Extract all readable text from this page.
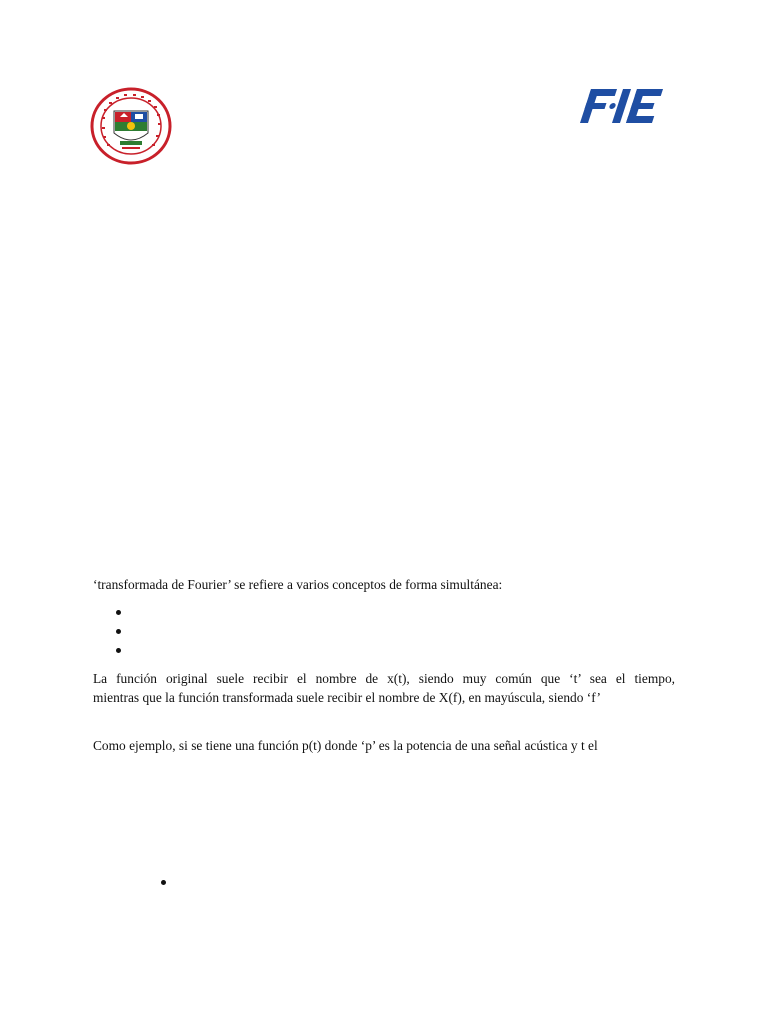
‘transformada de Fourier’ se refiere a varios conceptos de forma simultánea:
La función original suele recibir el nombre de x(t), siendo muy común que ‘t’ sea el tiempo,
mientras que la función transformada suele recibir el nombre de X(f), en mayúscula, siendo ‘f’
Como ejemplo, si se tiene una función p(t) donde ‘p’ es la potencia de una señal acústica y t el
